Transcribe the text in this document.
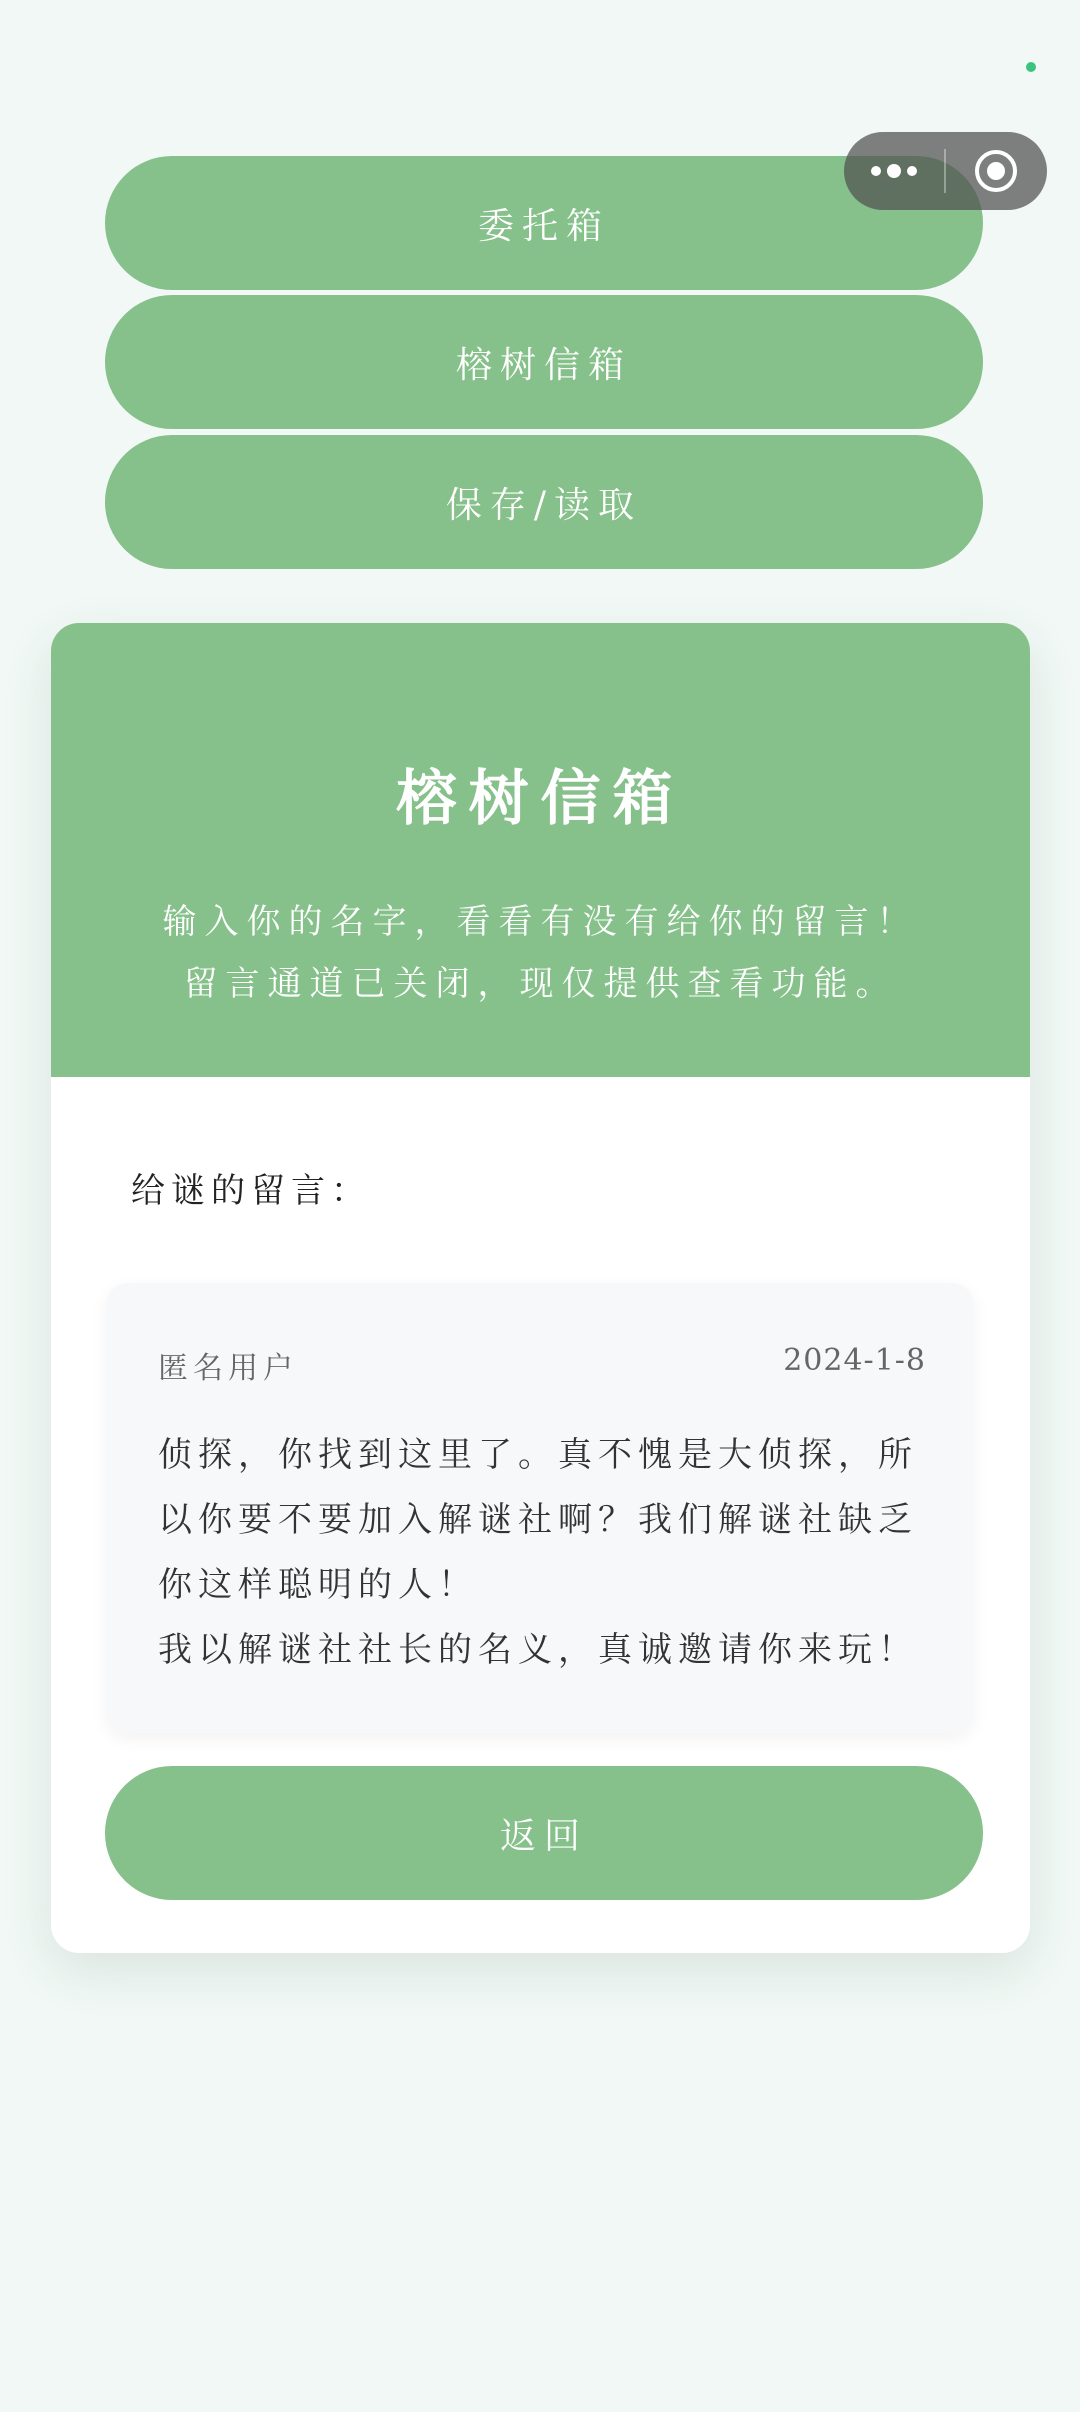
委托箱
榕树信箱
保存/读取
榕树信箱
输入你的名字，看看有没有给你的留言！
留言通道已关闭，现仅提供查看功能。
给谜的留言：
匿名用户	2024-1-8

侦探，你找到这里了。真不愧是大侦探，所以你要不要加入解谜社啊？我们解谜社缺乏你这样聪明的人！

我以解谜社社长的名义，真诚邀请你来玩！

返回
